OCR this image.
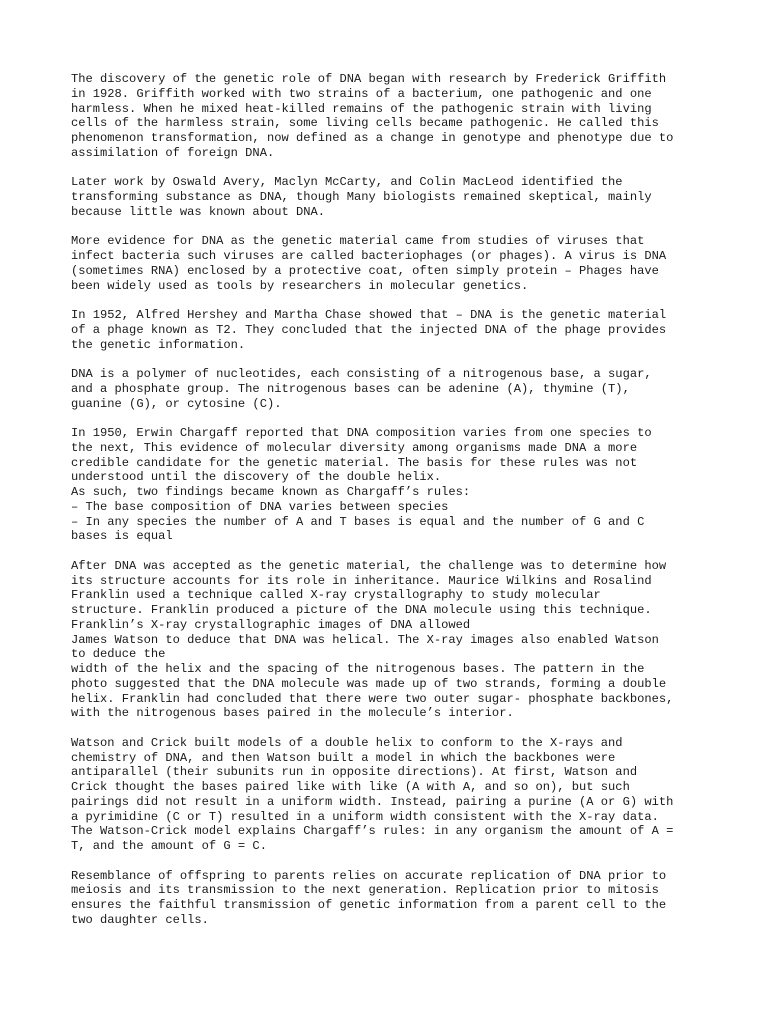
The discovery of the genetic role of DNA began with research by Frederick Griffith
in 1928. Griffith worked with two strains of a bacterium, one pathogenic and one
harmless. When he mixed heat-killed remains of the pathogenic strain with living
cells of the harmless strain, some living cells became pathogenic. He called this
phenomenon transformation, now defined as a change in genotype and phenotype due to
assimilation of foreign DNA.

Later work by Oswald Avery, Maclyn McCarty, and Colin MacLeod identified the
transforming substance as DNA, though Many biologists remained skeptical, mainly
because little was known about DNA.

More evidence for DNA as the genetic material came from studies of viruses that
infect bacteria such viruses are called bacteriophages (or phages). A virus is DNA
(sometimes RNA) enclosed by a protective coat, often simply protein – Phages have
been widely used as tools by researchers in molecular genetics.

In 1952, Alfred Hershey and Martha Chase showed that – DNA is the genetic material
of a phage known as T2. They concluded that the injected DNA of the phage provides
the genetic information.

DNA is a polymer of nucleotides, each consisting of a nitrogenous base, a sugar,
and a phosphate group. The nitrogenous bases can be adenine (A), thymine (T),
guanine (G), or cytosine (C).

In 1950, Erwin Chargaff reported that DNA composition varies from one species to
the next, This evidence of molecular diversity among organisms made DNA a more
credible candidate for the genetic material. The basis for these rules was not
understood until the discovery of the double helix.
As such, two findings became known as Chargaff’s rules:
– The base composition of DNA varies between species
– In any species the number of A and T bases is equal and the number of G and C
bases is equal

After DNA was accepted as the genetic material, the challenge was to determine how
its structure accounts for its role in inheritance. Maurice Wilkins and Rosalind
Franklin used a technique called X-ray crystallography to study molecular
structure. Franklin produced a picture of the DNA molecule using this technique.
Franklin’s X-ray crystallographic images of DNA allowed
James Watson to deduce that DNA was helical. The X-ray images also enabled Watson
to deduce the
width of the helix and the spacing of the nitrogenous bases. The pattern in the
photo suggested that the DNA molecule was made up of two strands, forming a double
helix. Franklin had concluded that there were two outer sugar- phosphate backbones,
with the nitrogenous bases paired in the molecule’s interior.

Watson and Crick built models of a double helix to conform to the X-rays and
chemistry of DNA, and then Watson built a model in which the backbones were
antiparallel (their subunits run in opposite directions). At first, Watson and
Crick thought the bases paired like with like (A with A, and so on), but such
pairings did not result in a uniform width. Instead, pairing a purine (A or G) with
a pyrimidine (C or T) resulted in a uniform width consistent with the X-ray data.
The Watson-Crick model explains Chargaff’s rules: in any organism the amount of A =
T, and the amount of G = C.

Resemblance of offspring to parents relies on accurate replication of DNA prior to
meiosis and its transmission to the next generation. Replication prior to mitosis
ensures the faithful transmission of genetic information from a parent cell to the
two daughter cells.
